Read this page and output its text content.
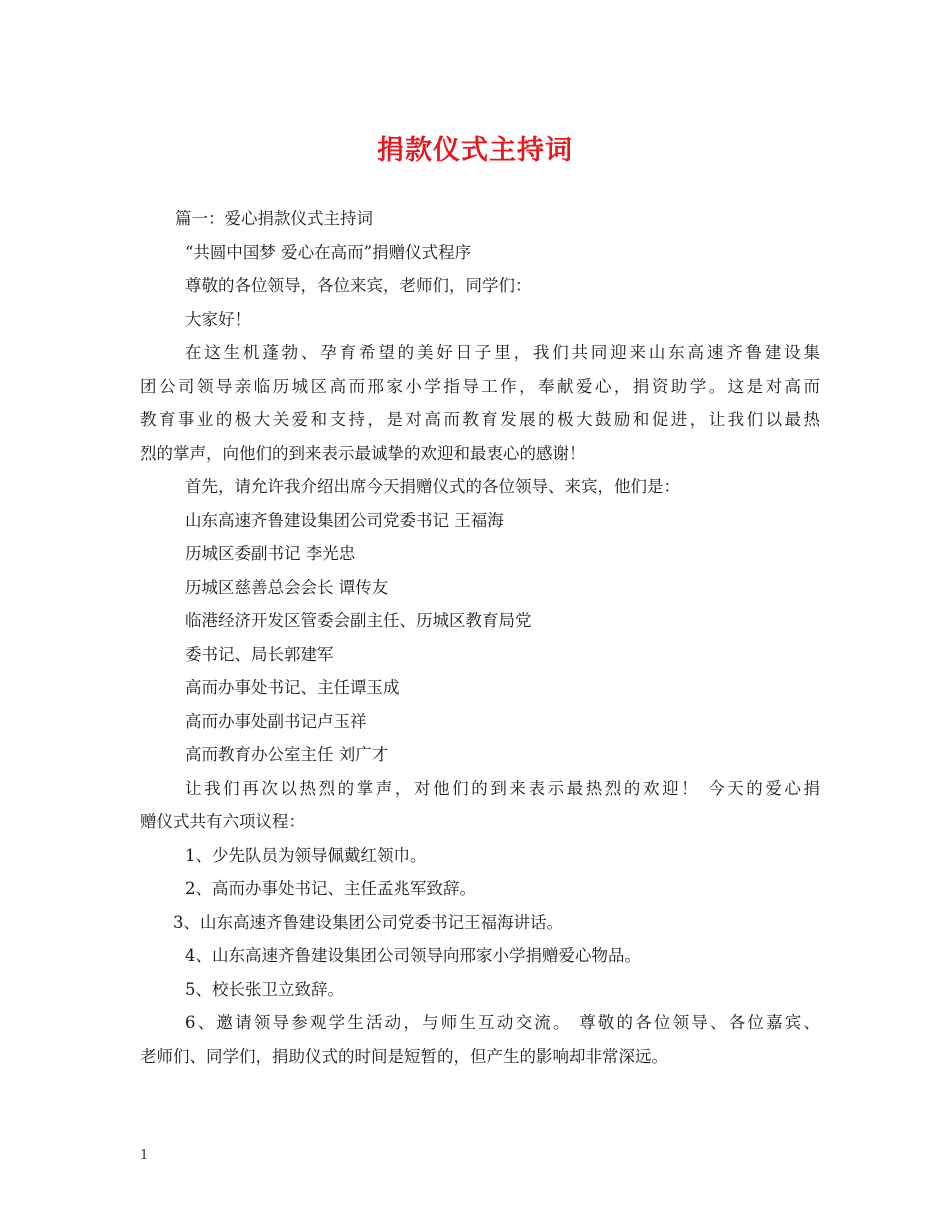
捐款仪式主持词
篇一：爱心捐款仪式主持词
“共圆中国梦 爱心在高而”捐赠仪式程序
尊敬的各位领导，各位来宾，老师们，同学们：
大家好！
在这生机蓬勃、孕育希望的美好日子里，我们共同迎来山东高速齐鲁建设集
团公司领导亲临历城区高而邢家小学指导工作，奉献爱心，捐资助学。这是对高而
教育事业的极大关爱和支持，是对高而教育发展的极大鼓励和促进，让我们以最热
烈的掌声，向他们的到来表示最诚挚的欢迎和最衷心的感谢！
首先，请允许我介绍出席今天捐赠仪式的各位领导、来宾，他们是：
山东高速齐鲁建设集团公司党委书记 王福海
历城区委副书记 李光忠
历城区慈善总会会长 谭传友
临港经济开发区管委会副主任、历城区教育局党
委书记、局长郭建军
高而办事处书记、主任谭玉成
高而办事处副书记卢玉祥
高而教育办公室主任 刘广才
让我们再次以热烈的掌声，对他们的到来表示最热烈的欢迎！ 今天的爱心捐
赠仪式共有六项议程：
1、少先队员为领导佩戴红领巾。
2、高而办事处书记、主任孟兆军致辞。
3、山东高速齐鲁建设集团公司党委书记王福海讲话。
4、山东高速齐鲁建设集团公司领导向邢家小学捐赠爱心物品。
5、校长张卫立致辞。
6、邀请领导参观学生活动，与师生互动交流。 尊敬的各位领导、各位嘉宾、
老师们、同学们，捐助仪式的时间是短暂的，但产生的影响却非常深远。
1
